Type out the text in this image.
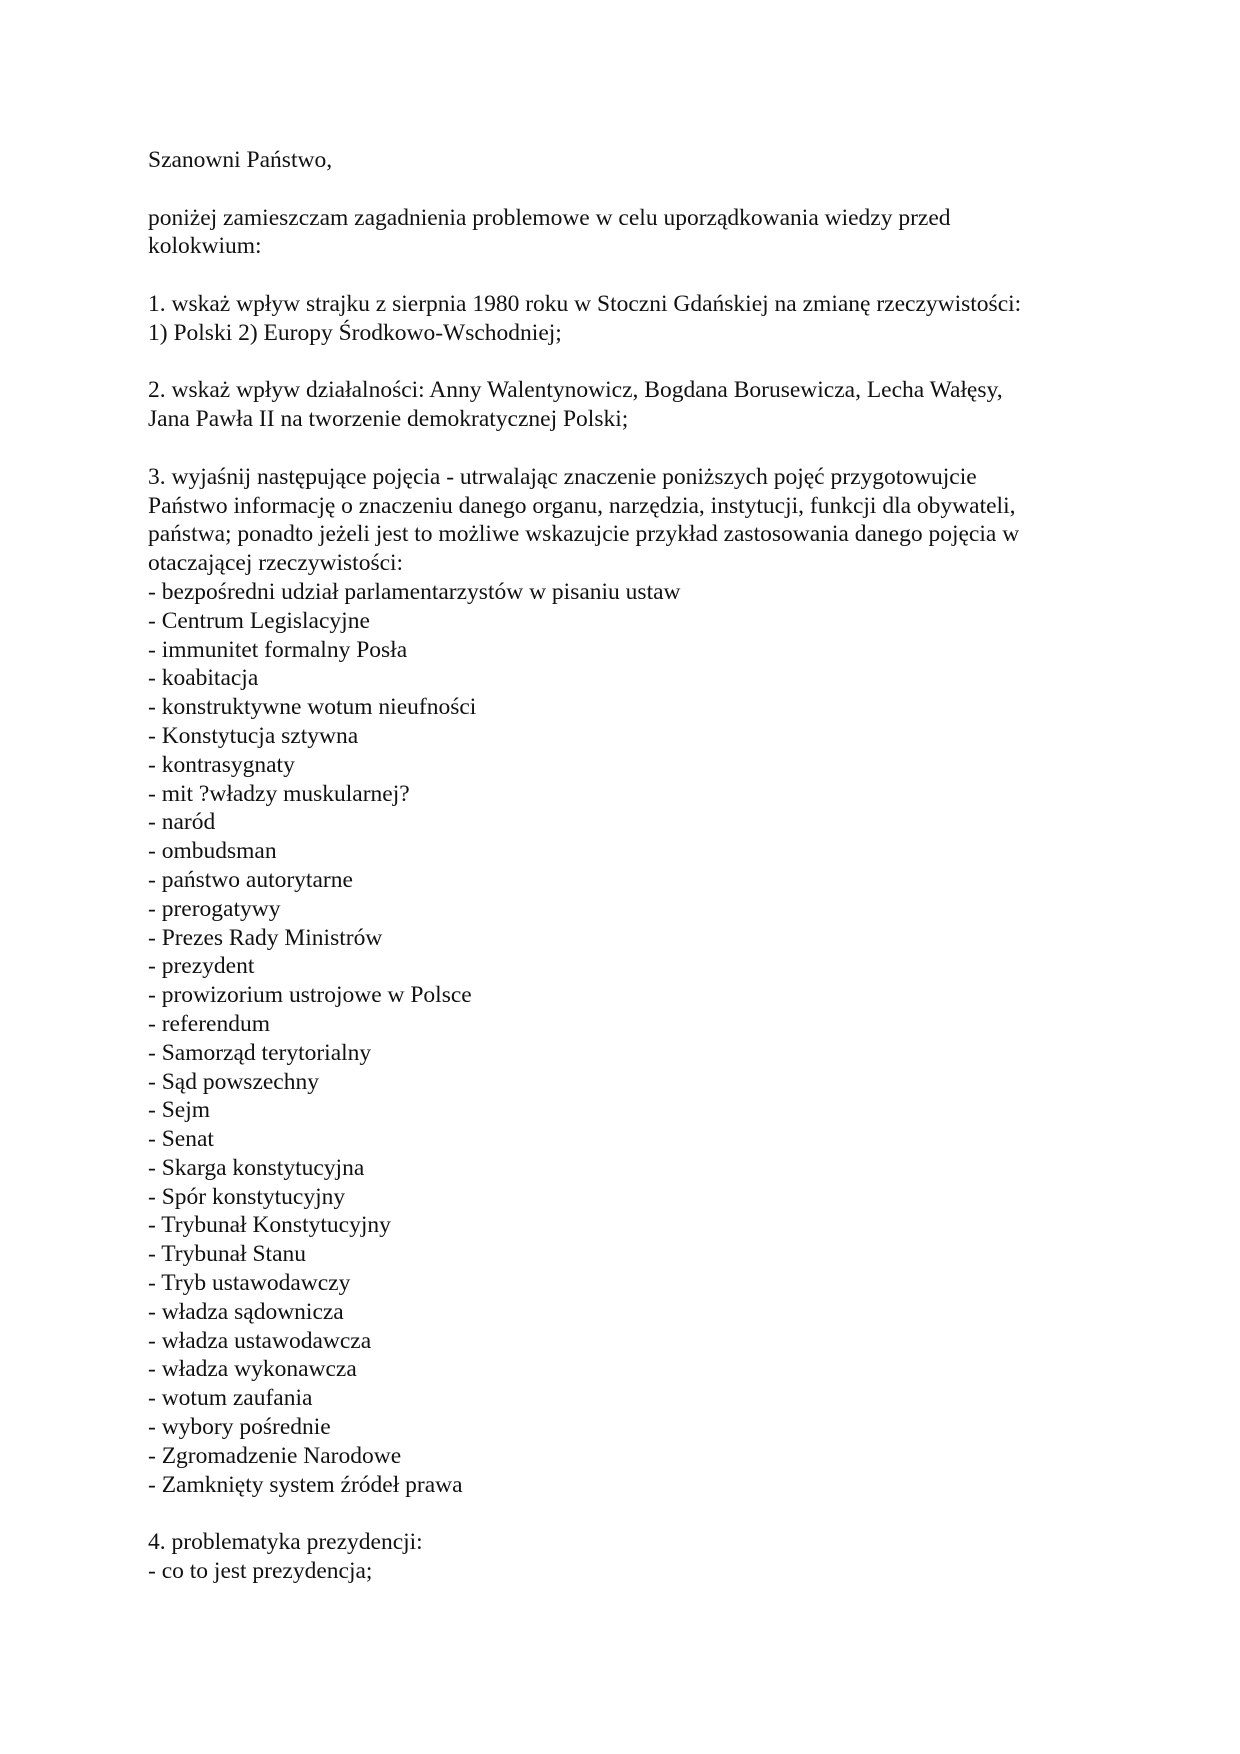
Szanowni Państwo,

poniżej zamieszczam zagadnienia problemowe w celu uporządkowania wiedzy przed
kolokwium:

1. wskaż wpływ strajku z sierpnia 1980 roku w Stoczni Gdańskiej na zmianę rzeczywistości:
1) Polski 2) Europy Środkowo-Wschodniej;

2. wskaż wpływ działalności: Anny Walentynowicz, Bogdana Borusewicza, Lecha Wałęsy,
Jana Pawła II na tworzenie demokratycznej Polski;

3. wyjaśnij następujące pojęcia - utrwalając znaczenie poniższych pojęć przygotowujcie
Państwo informację o znaczeniu danego organu, narzędzia, instytucji, funkcji dla obywateli,
państwa; ponadto jeżeli jest to możliwe wskazujcie przykład zastosowania danego pojęcia w
otaczającej rzeczywistości:
- bezpośredni udział parlamentarzystów w pisaniu ustaw
- Centrum Legislacyjne
- immunitet formalny Posła
- koabitacja
- konstruktywne wotum nieufności
- Konstytucja sztywna
- kontrasygnaty
- mit ?władzy muskularnej?
- naród
- ombudsman
- państwo autorytarne
- prerogatywy
- Prezes Rady Ministrów
- prezydent
- prowizorium ustrojowe w Polsce
- referendum
- Samorząd terytorialny
- Sąd powszechny
- Sejm
- Senat
- Skarga konstytucyjna
- Spór konstytucyjny
- Trybunał Konstytucyjny
- Trybunał Stanu
- Tryb ustawodawczy
- władza sądownicza
- władza ustawodawcza
- władza wykonawcza
- wotum zaufania
- wybory pośrednie
- Zgromadzenie Narodowe
- Zamknięty system źródeł prawa
4. problematyka prezydencji:
- co to jest prezydencja;
